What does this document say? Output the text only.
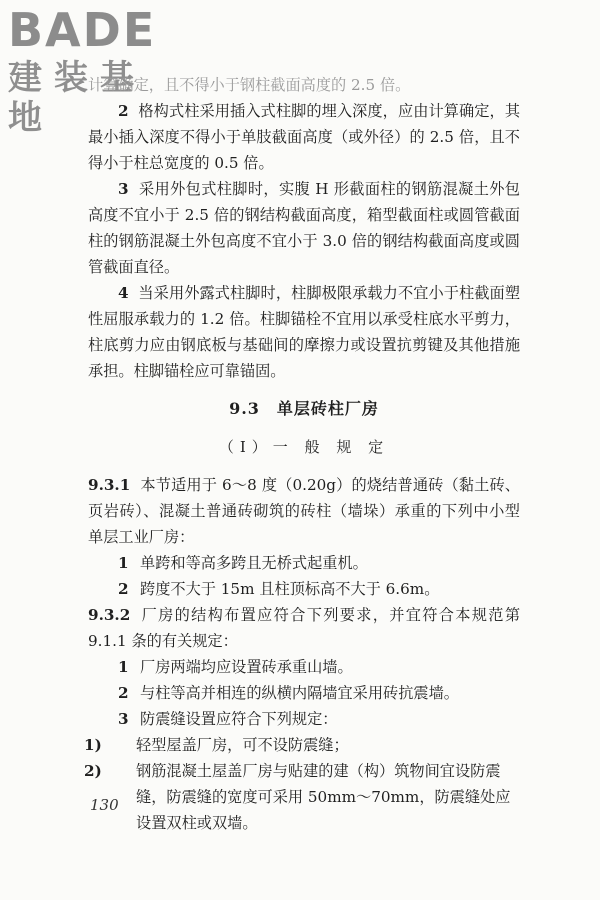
BADE
建装基地

计算确定，且不得小于钢柱截面高度的 2.5 倍。

2 格构式柱采用插入式柱脚的埋入深度，应由计算确定，其最小插入深度不得小于单肢截面高度（或外径）的 2.5 倍，且不得小于柱总宽度的 0.5 倍。

3 采用外包式柱脚时，实腹 H 形截面柱的钢筋混凝土外包高度不宜小于 2.5 倍的钢结构截面高度，箱型截面柱或圆管截面柱的钢筋混凝土外包高度不宜小于 3.0 倍的钢结构截面高度或圆管截面直径。

4 当采用外露式柱脚时，柱脚极限承载力不宜小于柱截面塑性屈服承载力的 1.2 倍。柱脚锚栓不宜用以承受柱底水平剪力，柱底剪力应由钢底板与基础间的摩擦力或设置抗剪键及其他措施承担。柱脚锚栓应可靠锚固。

9.3　单层砖柱厂房
（Ⅰ）一 般 规 定

9.3.1 本节适用于 6～8 度（0.20g）的烧结普通砖（黏土砖、页岩砖）、混凝土普通砖砌筑的砖柱（墙垛）承重的下列中小型单层工业厂房：

1 单跨和等高多跨且无桥式起重机。

2 跨度不大于 15m 且柱顶标高不大于 6.6m。

9.3.2 厂房的结构布置应符合下列要求，并宜符合本规范第 9.1.1 条的有关规定：

1 厂房两端均应设置砖承重山墙。

2 与柱等高并相连的纵横内隔墙宜采用砖抗震墙。

3 防震缝设置应符合下列规定：

1) 轻型屋盖厂房，可不设防震缝；

2) 钢筋混凝土屋盖厂房与贴建的建（构）筑物间宜设防震缝，防震缝的宽度可采用 50mm～70mm，防震缝处应设置双柱或双墙。

130
